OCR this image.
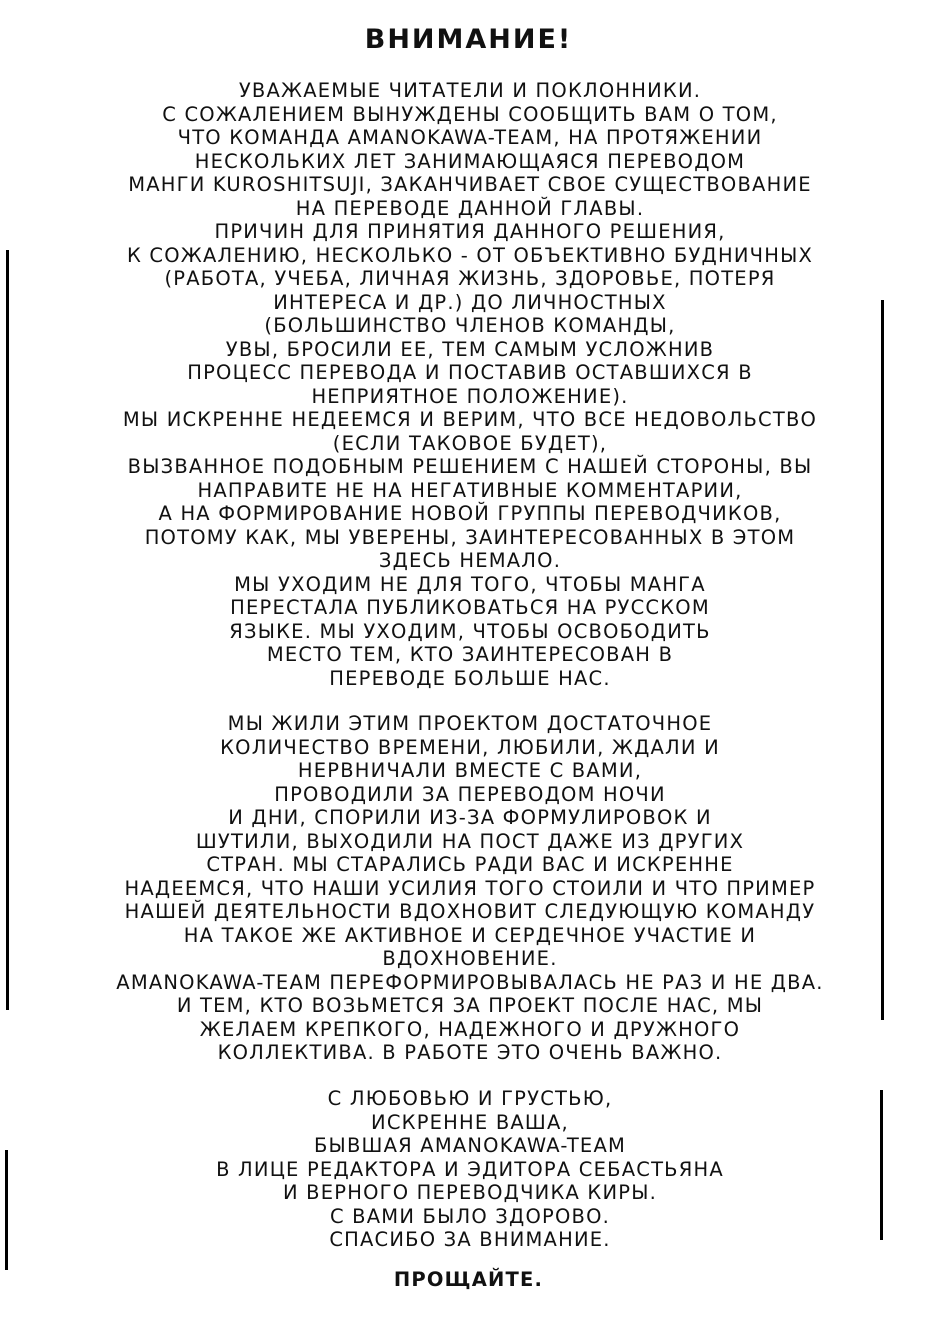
ВНИМАНИЕ!
УВАЖАЕМЫЕ ЧИТАТЕЛИ И ПОКЛОННИКИ.
С СОЖАЛЕНИЕМ ВЫНУЖДЕНЫ СООБЩИТЬ ВАМ О ТОМ,
ЧТО КОМАНДА AMANOKAWA-TEAM, НА ПРОТЯЖЕНИИ
НЕСКОЛЬКИХ ЛЕТ ЗАНИМАЮЩАЯСЯ ПЕРЕВОДОМ
МАНГИ KUROSHITSUJI, ЗАКАНЧИВАЕТ СВОЕ СУЩЕСТВОВАНИЕ
НА ПЕРЕВОДЕ ДАННОЙ ГЛАВЫ.
ПРИЧИН ДЛЯ ПРИНЯТИЯ ДАННОГО РЕШЕНИЯ,
К СОЖАЛЕНИЮ, НЕСКОЛЬКО - ОТ ОБЪЕКТИВНО БУДНИЧНЫХ
(РАБОТА, УЧЕБА, ЛИЧНАЯ ЖИЗНЬ, ЗДОРОВЬЕ, ПОТЕРЯ
ИНТЕРЕСА И ДР.) ДО ЛИЧНОСТНЫХ
(БОЛЬШИНСТВО ЧЛЕНОВ КОМАНДЫ,
УВЫ, БРОСИЛИ ЕЕ, ТЕМ САМЫМ УСЛОЖНИВ
ПРОЦЕСС ПЕРЕВОДА И ПОСТАВИВ ОСТАВШИХСЯ В
НЕПРИЯТНОЕ ПОЛОЖЕНИЕ).
МЫ ИСКРЕННЕ НЕДЕЕМСЯ И ВЕРИМ, ЧТО ВСЕ НЕДОВОЛЬСТВО
(ЕСЛИ ТАКОВОЕ БУДЕТ),
ВЫЗВАННОЕ ПОДОБНЫМ РЕШЕНИЕМ С НАШЕЙ СТОРОНЫ, ВЫ
НАПРАВИТЕ НЕ НА НЕГАТИВНЫЕ КОММЕНТАРИИ,
А НА ФОРМИРОВАНИЕ НОВОЙ ГРУППЫ ПЕРЕВОДЧИКОВ,
ПОТОМУ КАК, МЫ УВЕРЕНЫ, ЗАИНТЕРЕСОВАННЫХ В ЭТОМ
ЗДЕСЬ НЕМАЛО.
МЫ УХОДИМ НЕ ДЛЯ ТОГО, ЧТОБЫ МАНГА
ПЕРЕСТАЛА ПУБЛИКОВАТЬСЯ НА РУССКОМ
ЯЗЫКЕ. МЫ УХОДИМ, ЧТОБЫ ОСВОБОДИТЬ
МЕСТО ТЕМ, КТО ЗАИНТЕРЕСОВАН В
ПЕРЕВОДЕ БОЛЬШЕ НАС.
МЫ ЖИЛИ ЭТИМ ПРОЕКТОМ ДОСТАТОЧНОЕ
КОЛИЧЕСТВО ВРЕМЕНИ, ЛЮБИЛИ, ЖДАЛИ И
НЕРВНИЧАЛИ ВМЕСТЕ С ВАМИ,
ПРОВОДИЛИ ЗА ПЕРЕВОДОМ НОЧИ
И ДНИ, СПОРИЛИ ИЗ-ЗА ФОРМУЛИРОВОК И
ШУТИЛИ, ВЫХОДИЛИ НА ПОСТ ДАЖЕ ИЗ ДРУГИХ
СТРАН. МЫ СТАРАЛИСЬ РАДИ ВАС И ИСКРЕННЕ
НАДЕЕМСЯ, ЧТО НАШИ УСИЛИЯ ТОГО СТОИЛИ И ЧТО ПРИМЕР
НАШЕЙ ДЕЯТЕЛЬНОСТИ ВДОХНОВИТ СЛЕДУЮЩУЮ КОМАНДУ
НА ТАКОЕ ЖЕ АКТИВНОЕ И СЕРДЕЧНОЕ УЧАСТИЕ И
ВДОХНОВЕНИЕ.
AMANOKAWA-TEAM ПЕРЕФОРМИРОВЫВАЛАСЬ НЕ РАЗ И НЕ ДВА.
И ТЕМ, КТО ВОЗЬМЕТСЯ ЗА ПРОЕКТ ПОСЛЕ НАС, МЫ
ЖЕЛАЕМ КРЕПКОГО, НАДЕЖНОГО И ДРУЖНОГО
КОЛЛЕКТИВА. В РАБОТЕ ЭТО ОЧЕНЬ ВАЖНО.
С ЛЮБОВЬЮ И ГРУСТЬЮ,
ИСКРЕННЕ ВАША,
БЫВШАЯ AMANOKAWA-TEAM
В ЛИЦЕ РЕДАКТОРА И ЭДИТОРА СЕБАСТЬЯНА
И ВЕРНОГО ПЕРЕВОДЧИКА КИРЫ.
С ВАМИ БЫЛО ЗДОРОВО.
СПАСИБО ЗА ВНИМАНИЕ.
ПРОЩАЙТЕ.
